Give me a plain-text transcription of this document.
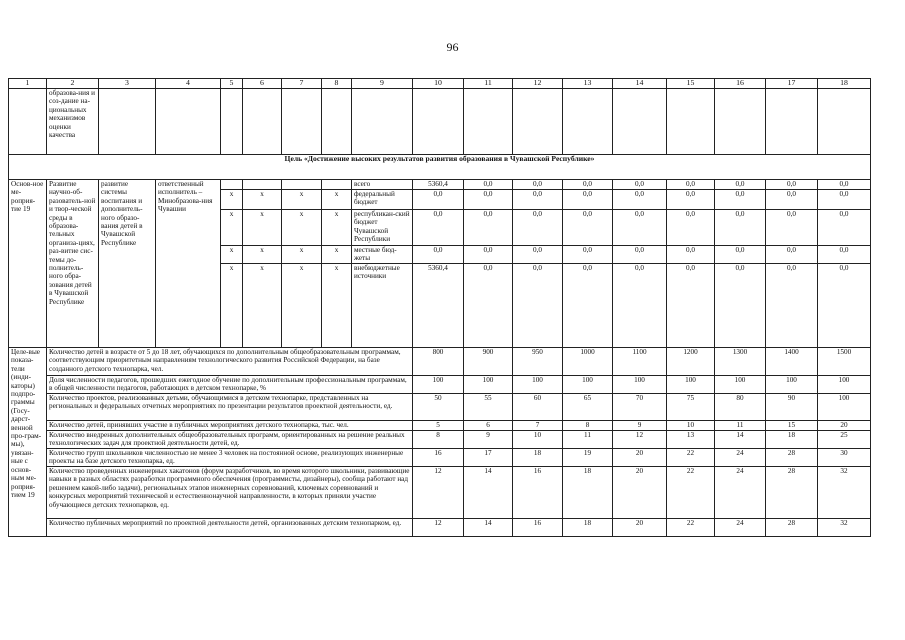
96
1	2	3	4	5	6	7	8	9	10	11	12	13	14	15	16	17	18
	образова-ния и соз-дание на-циональных механизмов оценки качества																
Цель «Достижение высоких результатов развития образования в Чувашской Республике»																	
Основ-ное ме-роприя-тие 19	Развитие научно-об-разователь-ной и твор-ческой среды в образова-тельных организа-циях, раз-витие сис-темы до-полнитель-ного обра-зования детей в Чувашской Республике	развитие системы воспитания и дополнитель-ного образо-вания детей в Чувашской Республике	ответственный исполнитель – Минобразова-ния Чувашии					всего	5360,4	0,0	0,0	0,0	0,0	0,0	0,0	0,0	0,0
				x	x	x	x	федеральный бюджет	0,0	0,0	0,0	0,0	0,0	0,0	0,0	0,0	0,0
				x	x	x	x	республикан-ский бюджет Чувашской Республики	0,0	0,0	0,0	0,0	0,0	0,0	0,0	0,0	0,0
				x	x	x	x	местные бюд-жеты	0,0	0,0	0,0	0,0	0,0	0,0	0,0	0,0	0,0
				x	x	x	x	внебюджетные источники	5360,4	0,0	0,0	0,0	0,0	0,0	0,0	0,0	0,0
Целе-вые показа-тели (инди-каторы) подпро-граммы (Госу-дарст-венной про-грам-мы), увязан-ные с основ-ным ме-роприя-тием 19	Количество детей в возрасте от 5 до 18 лет, обучающихся по дополнительным общеобразовательным программам, соответствующим приоритетным направлениям технологического развития Российской Федерации, на базе созданного детского технопарка, чел.								800	900	950	1000	1100	1200	1300	1400	1500
	Доля численности педагогов, прошедших ежегодное обучение по дополнительным профессиональным программам, в общей численности педагогов, работающих в детском технопарке, %								100	100	100	100	100	100	100	100	100
	Количество проектов, реализованных детьми, обучающимися в детском технопарке, представленных на региональных и федеральных отчетных мероприятиях по презентации результатов проектной деятельности, ед.								50	55	60	65	70	75	80	90	100
	Количество детей, принявших участие в публичных мероприятиях детского технопарка, тыс. чел.								5	6	7	8	9	10	11	15	20
	Количество внедренных дополнительных общеобразовательных программ, ориентированных на решение реальных технологических задач для проектной деятельности детей, ед.								8	9	10	11	12	13	14	18	25
	Количество групп школьников численностью не менее 3 человек на постоянной основе, реализующих инженерные проекты на базе детского технопарка, ед.								16	17	18	19	20	22	24	28	30
	Количество проведенных инженерных хакатонов (форум разработчиков, во время которого школьники, развивающие навыки в разных областях разработки программного обеспечения (программисты, дизайнеры), сообща работают над решением какой-либо задачи), региональных этапов инженерных соревнований, ключевых соревнований и конкурсных мероприятий технической и естественнонаучной направленности, в которых приняли участие обучающиеся детских технопарков, ед.								12	14	16	18	20	22	24	28	32
	Количество публичных мероприятий по проектной деятельности детей, организованных детским технопарком, ед.								12	14	16	18	20	22	24	28	32
